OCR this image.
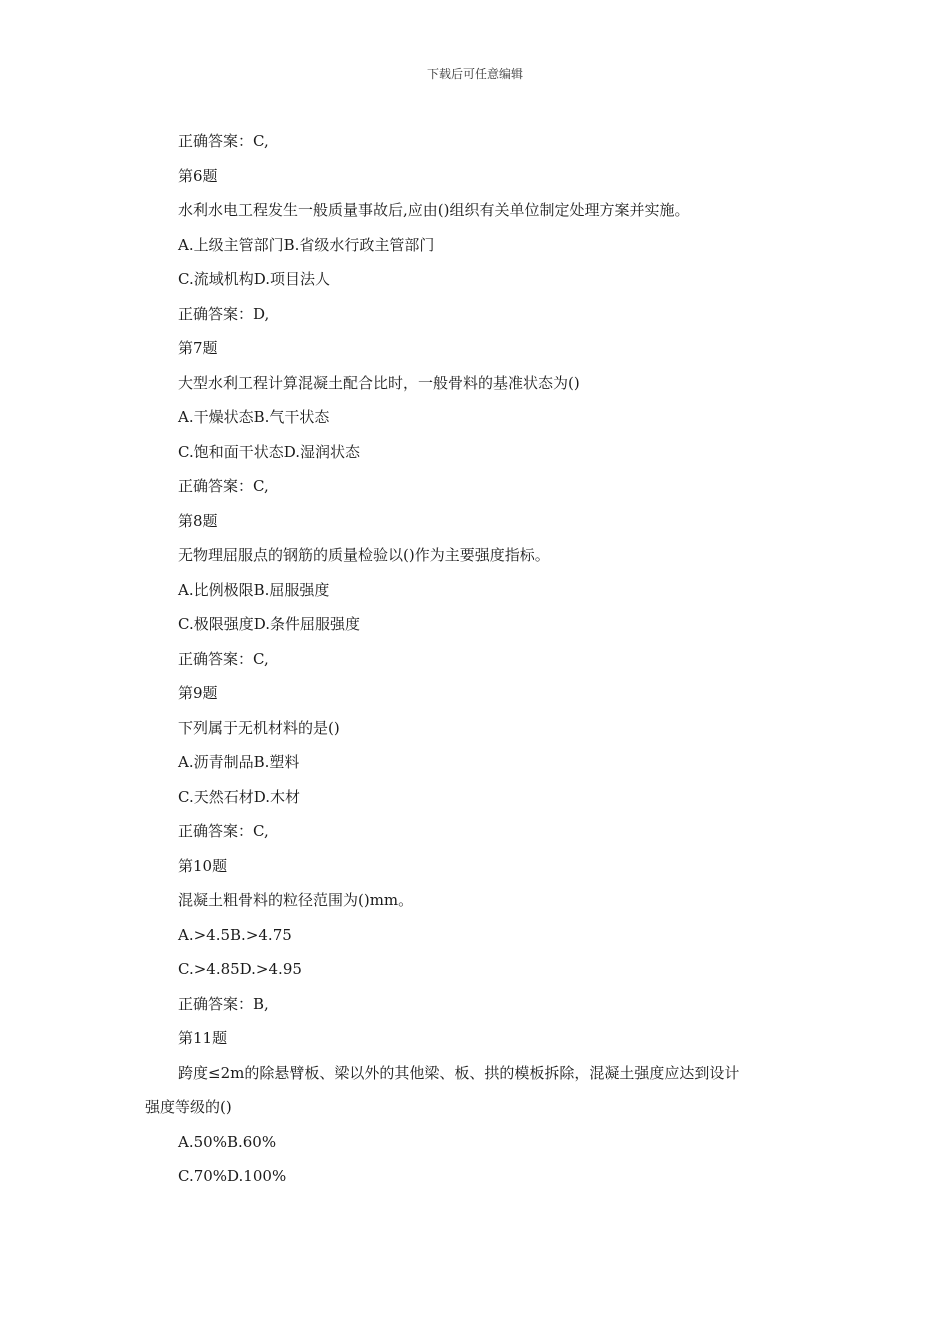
下载后可任意编辑
正确答案：C,
第6题
水利水电工程发生一般质量事故后,应由()组织有关单位制定处理方案并实施。
A.上级主管部门B.省级水行政主管部门
C.流域机构D.项目法人
正确答案：D,
第7题
大型水利工程计算混凝土配合比时，一般骨料的基准状态为()
A.干燥状态B.气干状态
C.饱和面干状态D.湿润状态
正确答案：C,
第8题
无物理屈服点的钢筋的质量检验以()作为主要强度指标。
A.比例极限B.屈服强度
C.极限强度D.条件屈服强度
正确答案：C,
第9题
下列属于无机材料的是()
A.沥青制品B.塑料
C.天然石材D.木材
正确答案：C,
第10题
混凝土粗骨料的粒径范围为()mm。
A.>4.5B.>4.75
C.>4.85D.>4.95
正确答案：B,
第11题
跨度≤2m的除悬臂板、梁以外的其他梁、板、拱的模板拆除，混凝土强度应达到设计
强度等级的()
A.50%B.60%
C.70%D.100%
